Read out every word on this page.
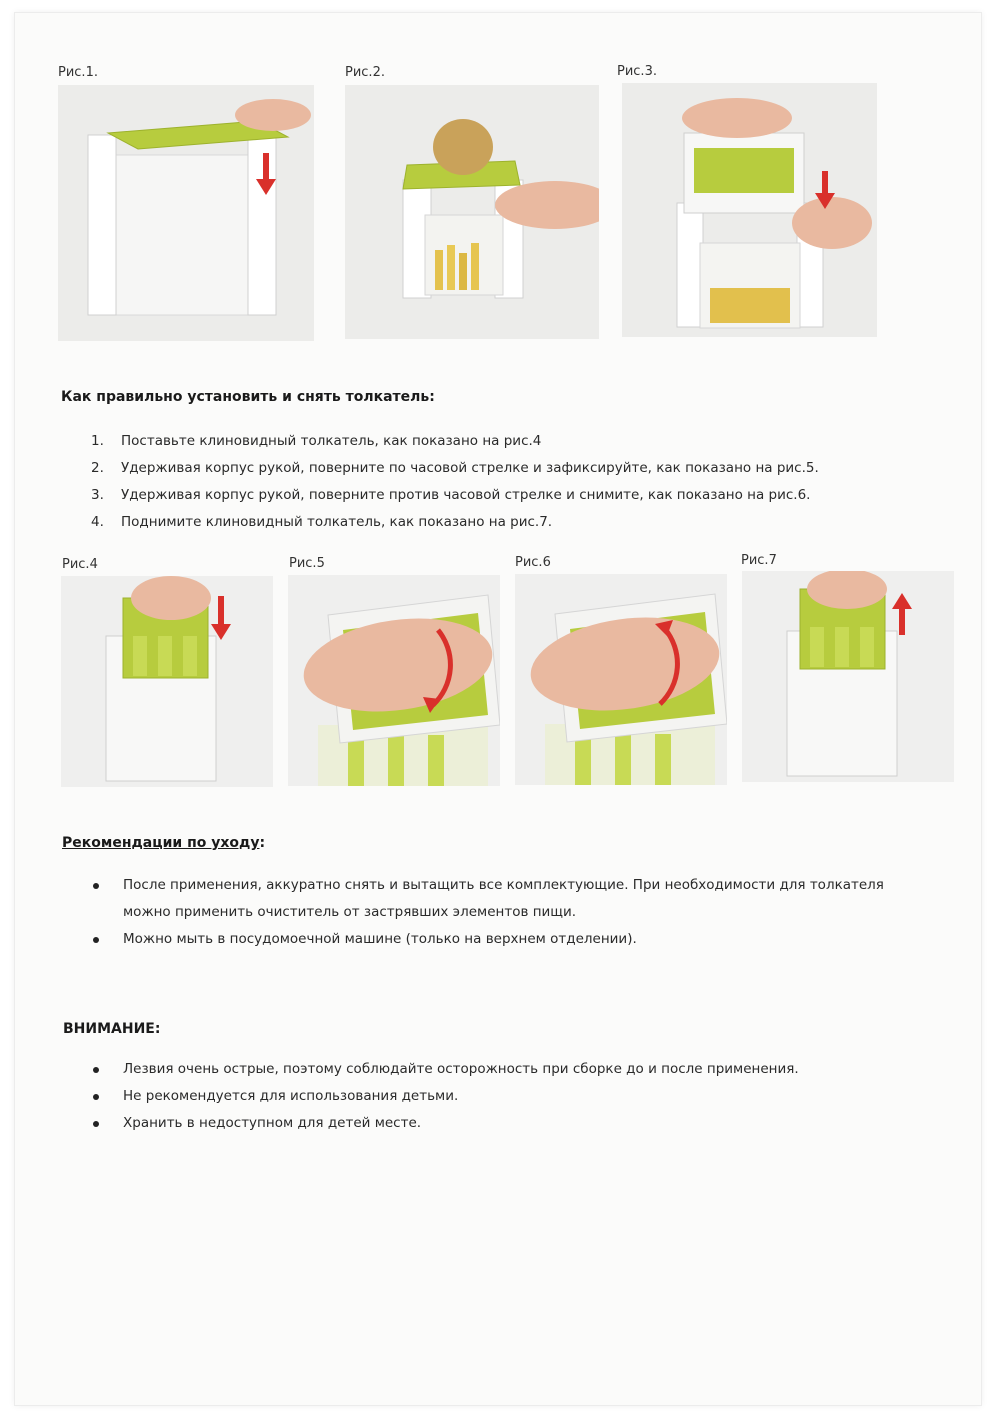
Рис.1.	Рис.2.	Рис.3.
Как правильно установить и снять толкатель:
1.	Поставьте клиновидный толкатель, как показано на рис.4
2.	Удерживая корпус рукой, поверните по часовой стрелке и зафиксируйте, как показано на рис.5.
3.	Удерживая корпус рукой, поверните против часовой стрелке и снимите, как показано на рис.6.
4.	Поднимите клиновидный толкатель, как показано на рис.7.
Рис.4	Рис.5	Рис.6	Рис.7
Рекомендации по уходу:
После применения, аккуратно снять и вытащить все комплектующие. При необходимости для толкателя можно применить очиститель от застрявших элементов пищи.
Можно мыть в посудомоечной машине (только на верхнем отделении).
ВНИМАНИЕ:
Лезвия очень острые, поэтому соблюдайте осторожность при сборке до и после применения.
Не рекомендуется для использования детьми.
Хранить в недоступном для детей месте.
